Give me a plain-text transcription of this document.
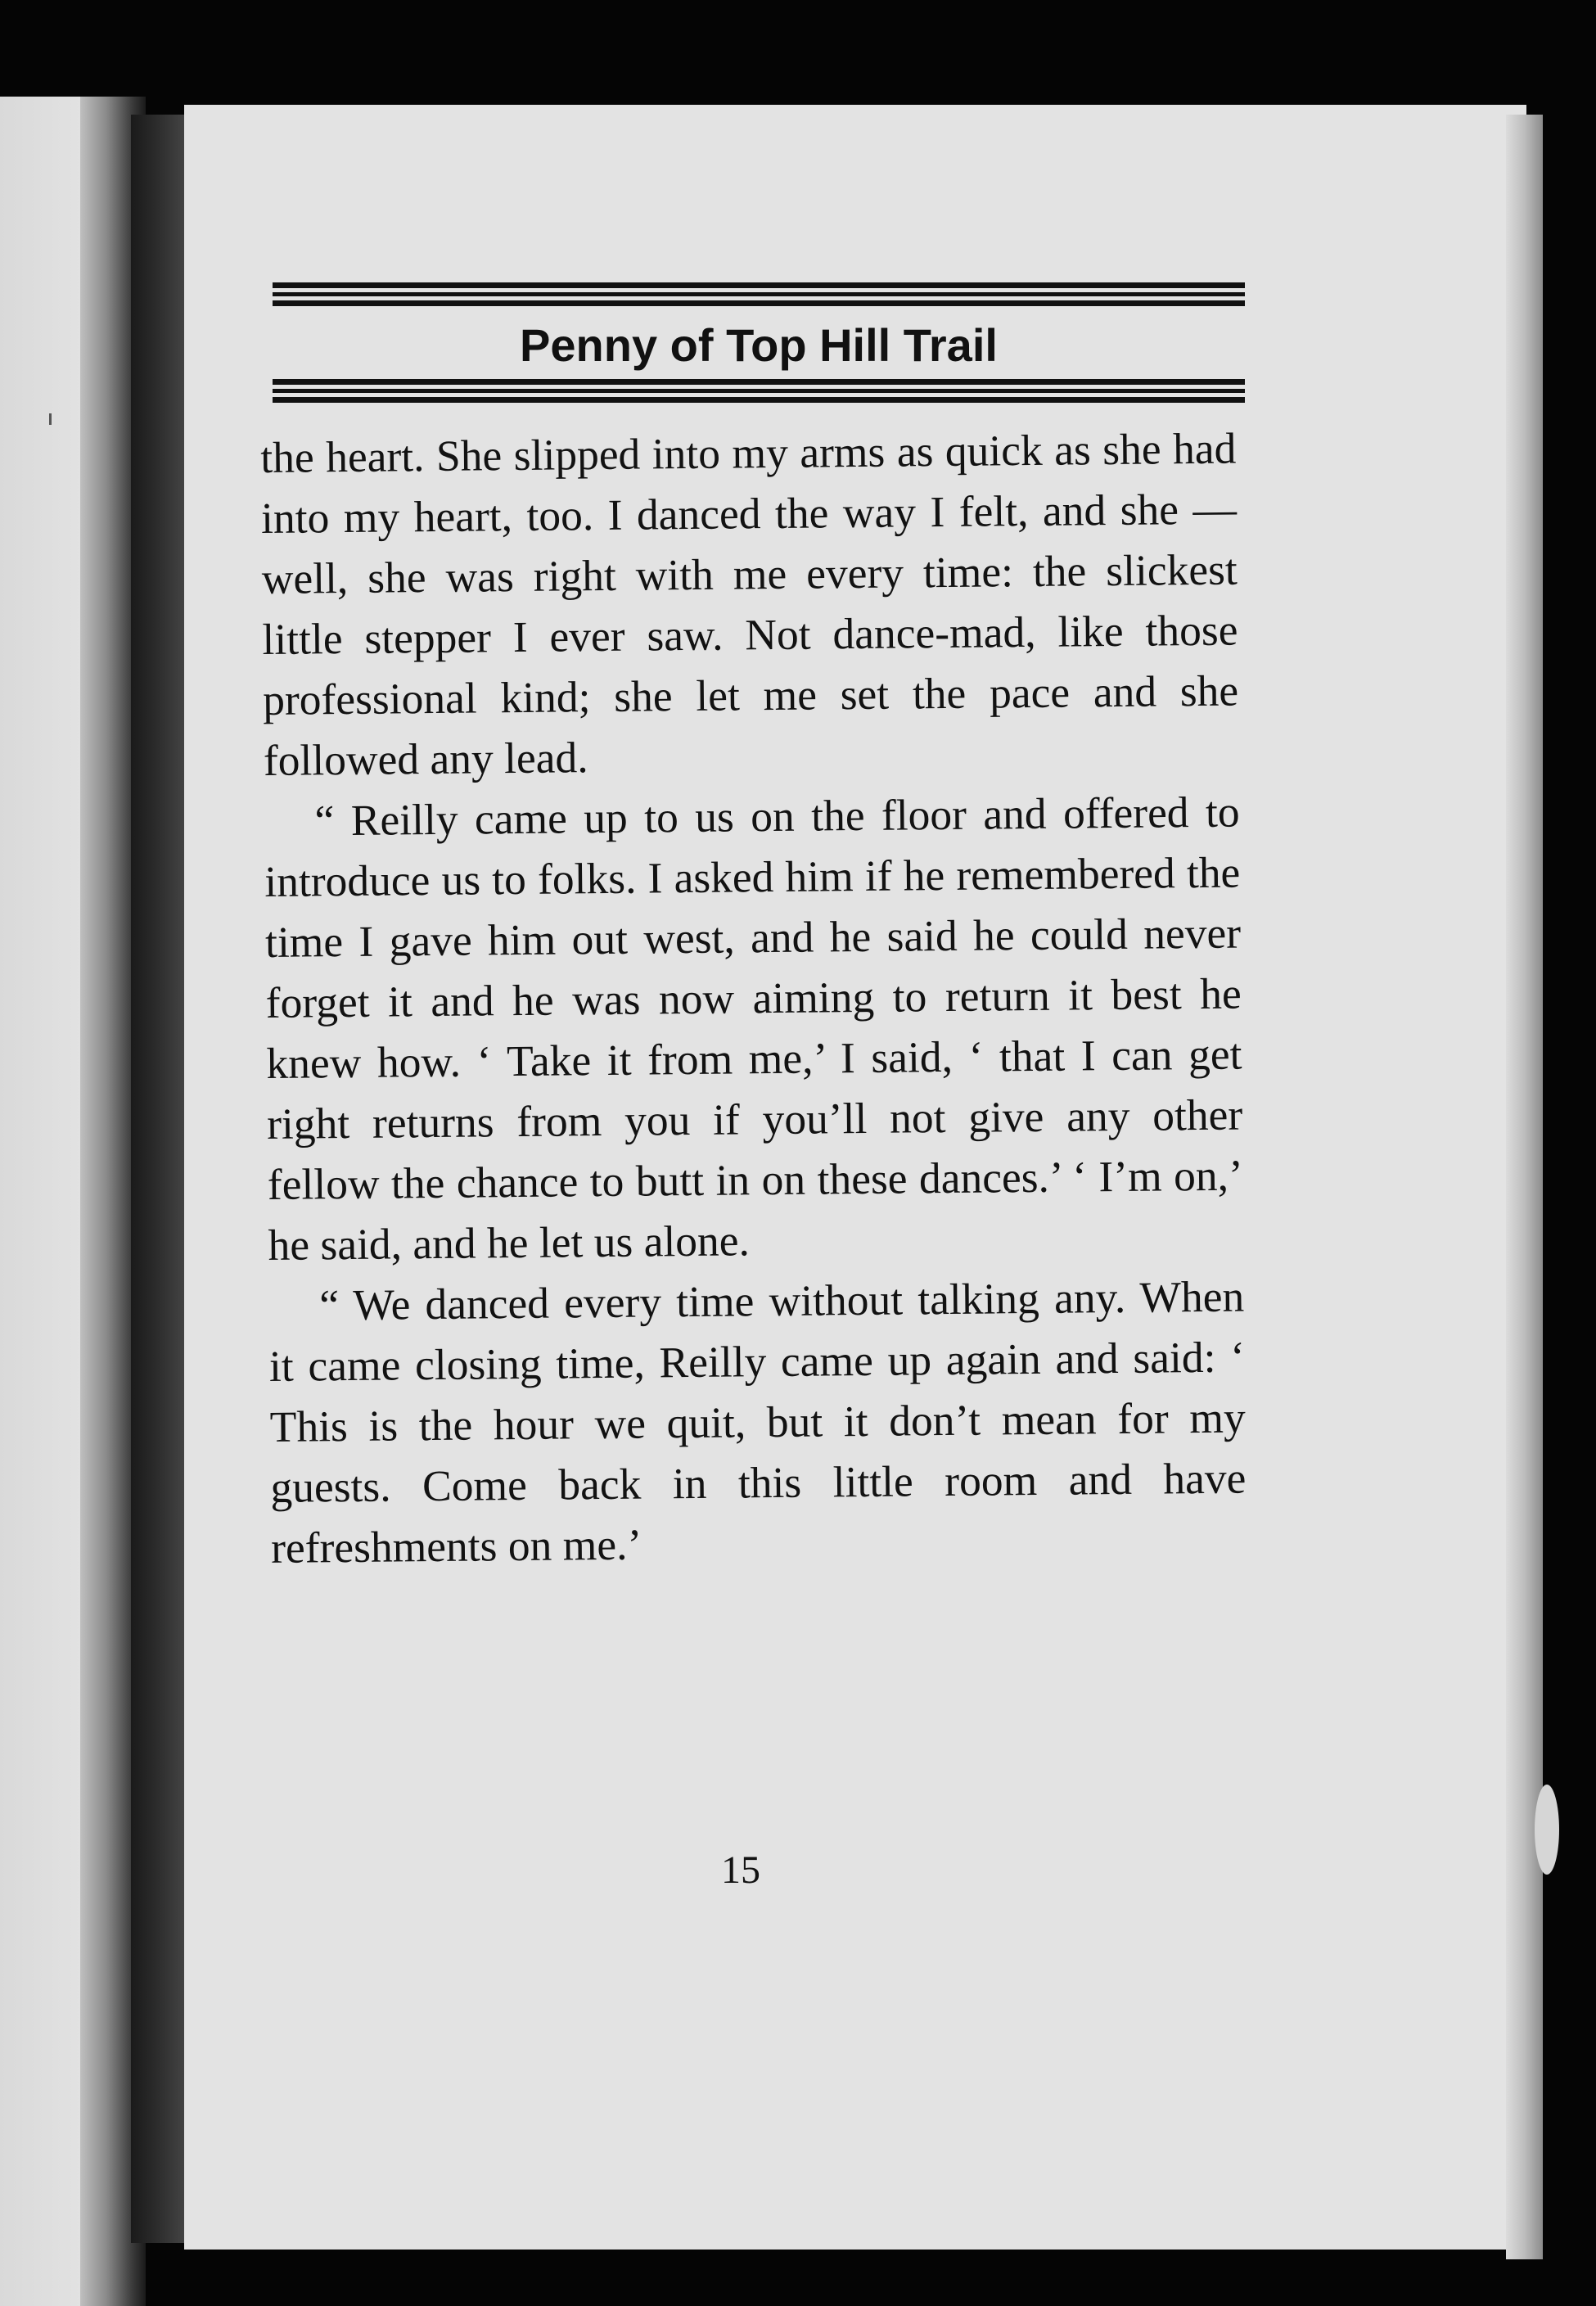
Penny of Top Hill Trail

the heart. She slipped into my arms as quick as she had into my heart, too. I danced the way I felt, and she — well, she was right with me every time: the slickest little stepper I ever saw. Not dance-mad, like those professional kind; she let me set the pace and she followed any lead.

“ Reilly came up to us on the floor and offered to introduce us to folks. I asked him if he remembered the time I gave him out west, and he said he could never forget it and he was now aiming to return it best he knew how. ‘ Take it from me,’ I said, ‘ that I can get right returns from you if you’ll not give any other fellow the chance to butt in on these dances.’ ‘ I’m on,’ he said, and he let us alone.

“ We danced every time without talking any. When it came closing time, Reilly came up again and said: ‘ This is the hour we quit, but it don’t mean for my guests. Come back in this little room and have refreshments on me.’

15
